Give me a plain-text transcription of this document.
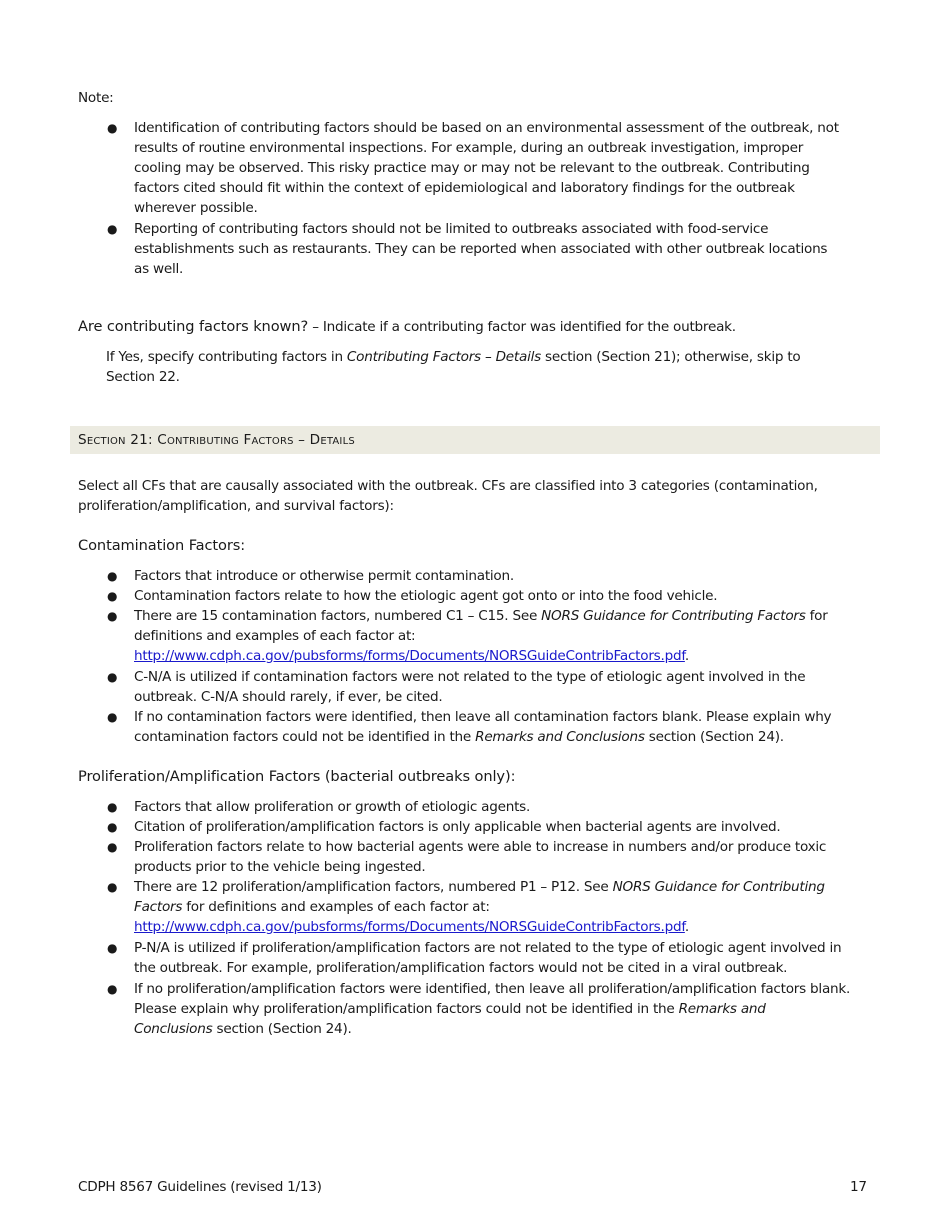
Note:
● Identification of contributing factors should be based on an environmental assessment of the outbreak, not
results of routine environmental inspections. For example, during an outbreak investigation, improper
cooling may be observed. This risky practice may or may not be relevant to the outbreak. Contributing
factors cited should fit within the context of epidemiological and laboratory findings for the outbreak
wherever possible.
● Reporting of contributing factors should not be limited to outbreaks associated with food-service
establishments such as restaurants. They can be reported when associated with other outbreak locations
as well.
Are contributing factors known? – Indicate if a contributing factor was identified for the outbreak.
If Yes, specify contributing factors in Contributing Factors – Details section (Section 21); otherwise, skip to
Section 22.
Section 21: Contributing Factors – Details
Select all CFs that are causally associated with the outbreak. CFs are classified into 3 categories (contamination,
proliferation/amplification, and survival factors):
Contamination Factors:
● Factors that introduce or otherwise permit contamination.
● Contamination factors relate to how the etiologic agent got onto or into the food vehicle.
● There are 15 contamination factors, numbered C1 – C15. See NORS Guidance for Contributing Factors for
definitions and examples of each factor at:
http://www.cdph.ca.gov/pubsforms/forms/Documents/NORSGuideContribFactors.pdf.
● C-N/A is utilized if contamination factors were not related to the type of etiologic agent involved in the
outbreak. C-N/A should rarely, if ever, be cited.
● If no contamination factors were identified, then leave all contamination factors blank. Please explain why
contamination factors could not be identified in the Remarks and Conclusions section (Section 24).
Proliferation/Amplification Factors (bacterial outbreaks only):
● Factors that allow proliferation or growth of etiologic agents.
● Citation of proliferation/amplification factors is only applicable when bacterial agents are involved.
● Proliferation factors relate to how bacterial agents were able to increase in numbers and/or produce toxic
products prior to the vehicle being ingested.
● There are 12 proliferation/amplification factors, numbered P1 – P12. See NORS Guidance for Contributing
Factors for definitions and examples of each factor at:
http://www.cdph.ca.gov/pubsforms/forms/Documents/NORSGuideContribFactors.pdf.
● P-N/A is utilized if proliferation/amplification factors are not related to the type of etiologic agent involved in
the outbreak. For example, proliferation/amplification factors would not be cited in a viral outbreak.
● If no proliferation/amplification factors were identified, then leave all proliferation/amplification factors blank.
Please explain why proliferation/amplification factors could not be identified in the Remarks and
Conclusions section (Section 24).
CDPH 8567 Guidelines (revised 1/13)	17
